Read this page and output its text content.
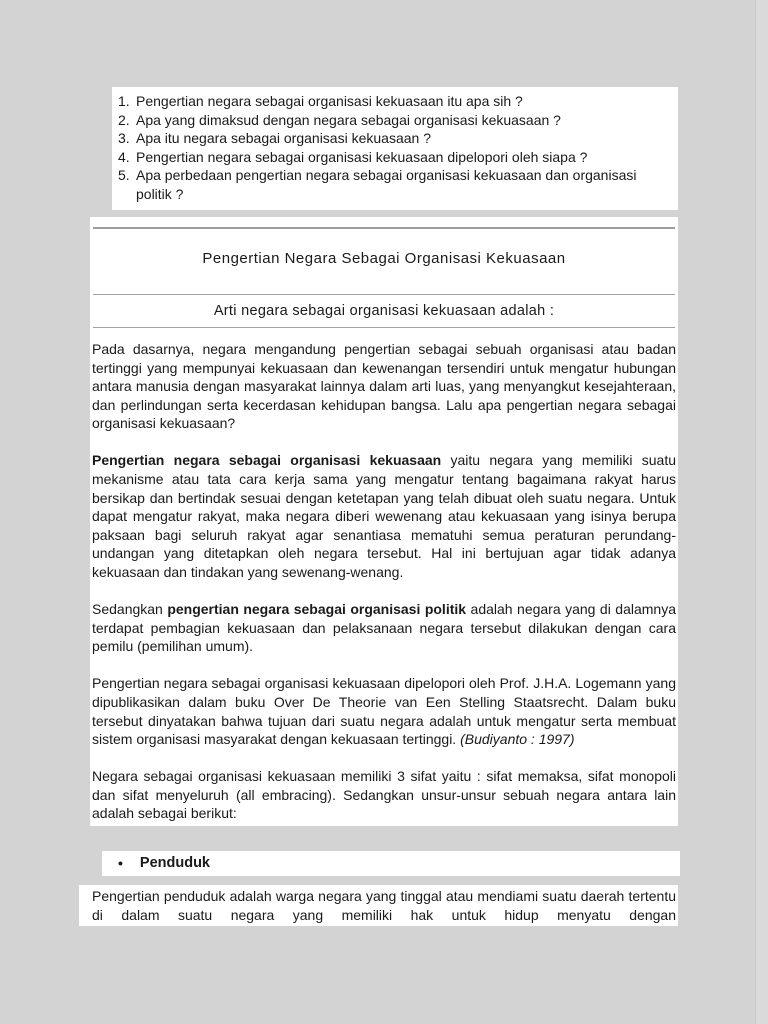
1. Pengertian negara sebagai organisasi kekuasaan itu apa sih ?
2. Apa yang dimaksud dengan negara sebagai organisasi kekuasaan ?
3. Apa itu negara sebagai organisasi kekuasaan ?
4. Pengertian negara sebagai organisasi kekuasaan dipelopori oleh siapa ?
5. Apa perbedaan pengertian negara sebagai organisasi kekuasaan dan organisasi politik ?
Pengertian Negara Sebagai Organisasi Kekuasaan
Arti negara sebagai organisasi kekuasaan adalah :

Pada dasarnya, negara mengandung pengertian sebagai sebuah organisasi atau badan tertinggi yang mempunyai kekuasaan dan kewenangan tersendiri untuk mengatur hubungan antara manusia dengan masyarakat lainnya dalam arti luas, yang menyangkut kesejahteraan, dan perlindungan serta kecerdasan kehidupan bangsa. Lalu apa pengertian negara sebagai organisasi kekuasaan?

Pengertian negara sebagai organisasi kekuasaan yaitu negara yang memiliki suatu mekanisme atau tata cara kerja sama yang mengatur tentang bagaimana rakyat harus bersikap dan bertindak sesuai dengan ketetapan yang telah dibuat oleh suatu negara. Untuk dapat mengatur rakyat, maka negara diberi wewenang atau kekuasaan yang isinya berupa paksaan bagi seluruh rakyat agar senantiasa mematuhi semua peraturan perundang-undangan yang ditetapkan oleh negara tersebut. Hal ini bertujuan agar tidak adanya kekuasaan dan tindakan yang sewenang-wenang.

Sedangkan pengertian negara sebagai organisasi politik adalah negara yang di dalamnya terdapat pembagian kekuasaan dan pelaksanaan negara tersebut dilakukan dengan cara pemilu (pemilihan umum).

Pengertian negara sebagai organisasi kekuasaan dipelopori oleh Prof. J.H.A. Logemann yang dipublikasikan dalam buku Over De Theorie van Een Stelling Staatsrecht. Dalam buku tersebut dinyatakan bahwa tujuan dari suatu negara adalah untuk mengatur serta membuat sistem organisasi masyarakat dengan kekuasaan tertinggi. (Budiyanto : 1997)

Negara sebagai organisasi kekuasaan memiliki 3 sifat yaitu : sifat memaksa, sifat monopoli dan sifat menyeluruh (all embracing). Sedangkan unsur-unsur sebuah negara antara lain adalah sebagai berikut:

• Penduduk
Pengertian penduduk adalah warga negara yang tinggal atau mendiami suatu daerah tertentu di dalam suatu negara yang memiliki hak untuk hidup menyatu dengan
